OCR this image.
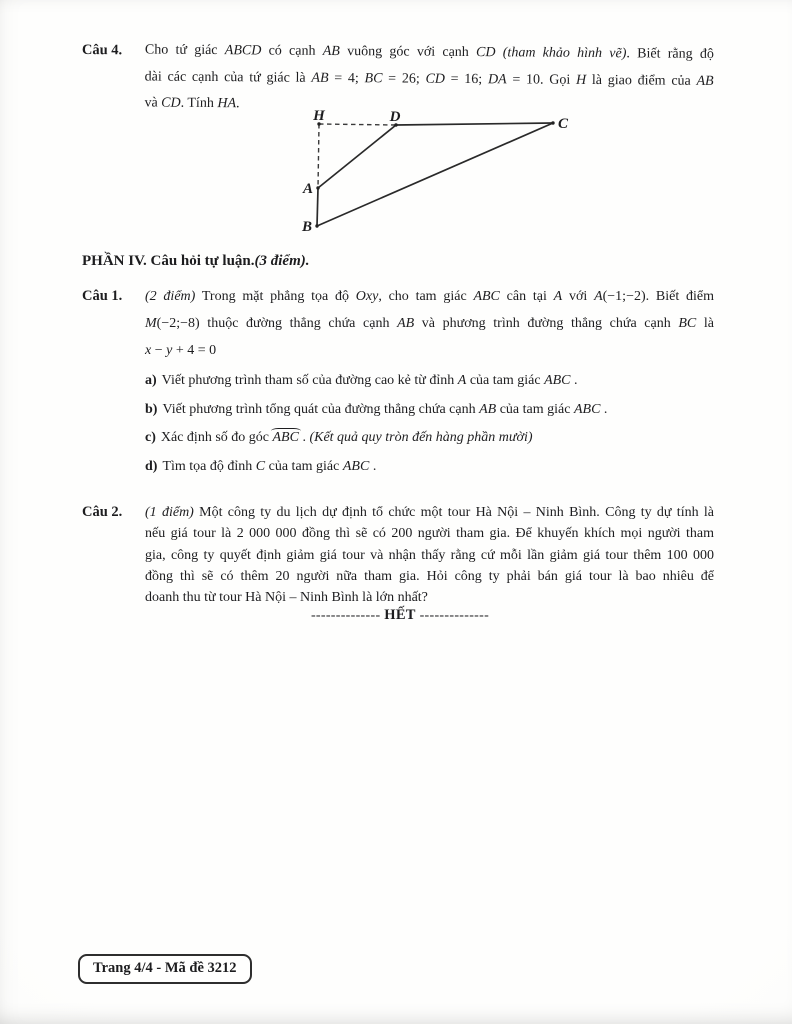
Câu 4.	Cho tứ giác ABCD có cạnh AB vuông góc với cạnh CD (tham khảo hình vẽ). Biết rằng độ
dài các cạnh của tứ giác là AB = 4; BC = 26; CD = 16; DA = 10. Gọi H là giao điểm của AB
và CD. Tính HA.
H	D	C
A
B
PHẦN IV. Câu hỏi tự luận. (3 điểm).
Câu 1.	(2 điểm) Trong mặt phẳng tọa độ Oxy, cho tam giác ABC cân tại A với A(−1;−2). Biết điểm
M(−2;−8) thuộc đường thẳng chứa cạnh AB và phương trình đường thẳng chứa cạnh BC là
x − y + 4 = 0
a) Viết phương trình tham số của đường cao kẻ từ đỉnh A của tam giác ABC .
b) Viết phương trình tổng quát của đường thẳng chứa cạnh AB của tam giác ABC .
c) Xác định số đo góc ABC . (Kết quả quy tròn đến hàng phần mười)
d) Tìm tọa độ đỉnh C của tam giác ABC .
Câu 2.	(1 điểm) Một công ty du lịch dự định tổ chức một tour Hà Nội – Ninh Bình. Công ty dự tính là
nếu giá tour là 2 000 000 đồng thì sẽ có 200 người tham gia. Để khuyến khích mọi người tham
gia, công ty quyết định giảm giá tour và nhận thấy rằng cứ mỗi lần giảm giá tour thêm 100 000
đồng thì sẽ có thêm 20 người nữa tham gia. Hỏi công ty phải bán giá tour là bao nhiêu để
doanh thu từ tour Hà Nội – Ninh Bình là lớn nhất?
-------------- HẾT --------------
Trang 4/4 - Mã đề 3212
